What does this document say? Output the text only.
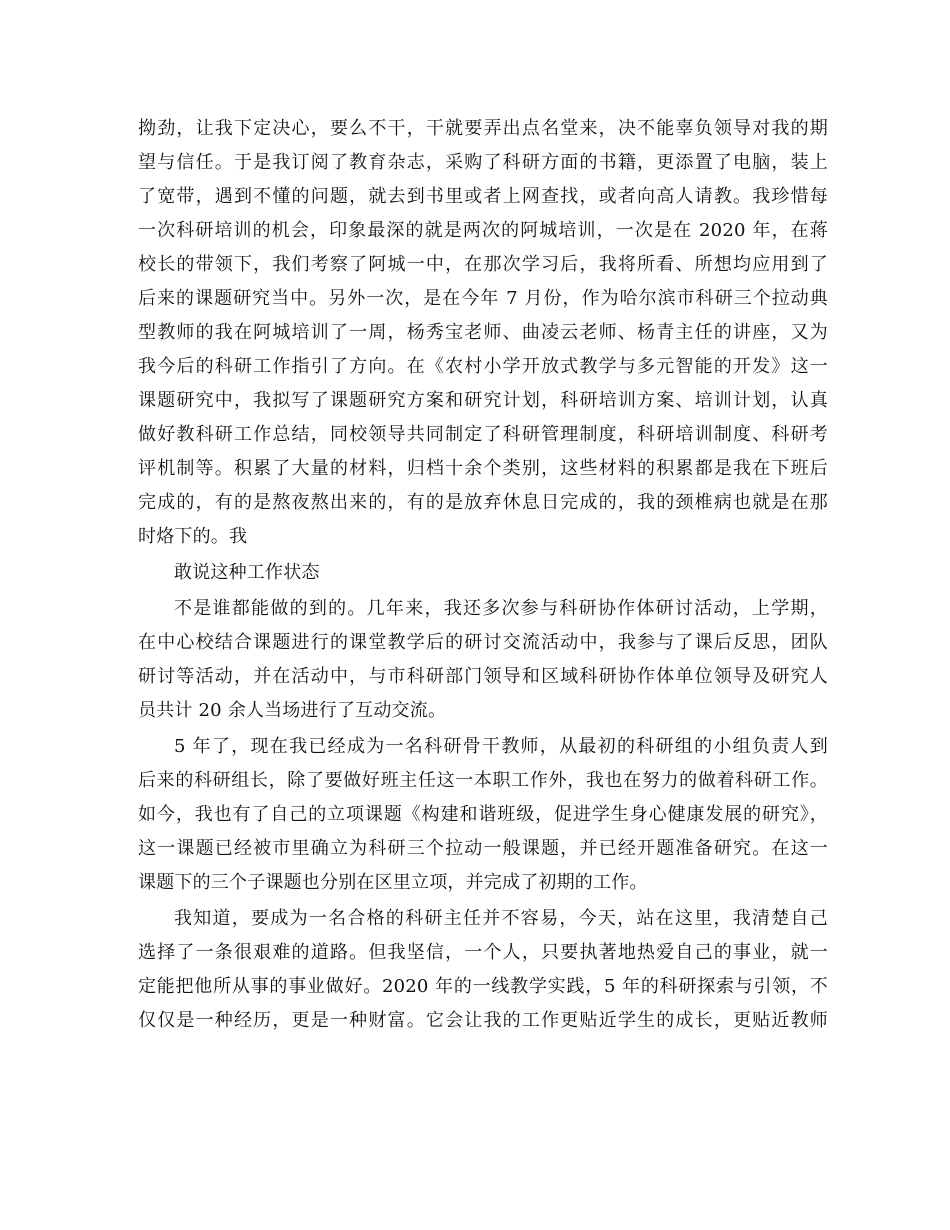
拗劲，让我下定决心，要么不干，干就要弄出点名堂来，决不能辜负领导对我的期
望与信任。于是我订阅了教育杂志，采购了科研方面的书籍，更添置了电脑，装上
了宽带，遇到不懂的问题，就去到书里或者上网查找，或者向高人请教。我珍惜每
一次科研培训的机会，印象最深的就是两次的阿城培训，一次是在 2020 年，在蒋
校长的带领下，我们考察了阿城一中，在那次学习后，我将所看、所想均应用到了
后来的课题研究当中。另外一次，是在今年 7 月份，作为哈尔滨市科研三个拉动典
型教师的我在阿城培训了一周，杨秀宝老师、曲凌云老师、杨青主任的讲座，又为
我今后的科研工作指引了方向。在《农村小学开放式教学与多元智能的开发》这一
课题研究中，我拟写了课题研究方案和研究计划，科研培训方案、培训计划，认真
做好教科研工作总结，同校领导共同制定了科研管理制度，科研培训制度、科研考
评机制等。积累了大量的材料，归档十余个类别，这些材料的积累都是我在下班后
完成的，有的是熬夜熬出来的，有的是放弃休息日完成的，我的颈椎病也就是在那
时烙下的。我
敢说这种工作状态
不是谁都能做的到的。几年来，我还多次参与科研协作体研讨活动，上学期，
在中心校结合课题进行的课堂教学后的研讨交流活动中，我参与了课后反思，团队
研讨等活动，并在活动中，与市科研部门领导和区域科研协作体单位领导及研究人
员共计 20 余人当场进行了互动交流。
5 年了，现在我已经成为一名科研骨干教师，从最初的科研组的小组负责人到
后来的科研组长，除了要做好班主任这一本职工作外，我也在努力的做着科研工作。
如今，我也有了自己的立项课题《构建和谐班级，促进学生身心健康发展的研究》，
这一课题已经被市里确立为科研三个拉动一般课题，并已经开题准备研究。在这一
课题下的三个子课题也分别在区里立项，并完成了初期的工作。
我知道，要成为一名合格的科研主任并不容易，今天，站在这里，我清楚自己
选择了一条很艰难的道路。但我坚信，一个人，只要执著地热爱自己的事业，就一
定能把他所从事的事业做好。2020 年的一线教学实践，5 年的科研探索与引领，不
仅仅是一种经历，更是一种财富。它会让我的工作更贴近学生的成长，更贴近教师
